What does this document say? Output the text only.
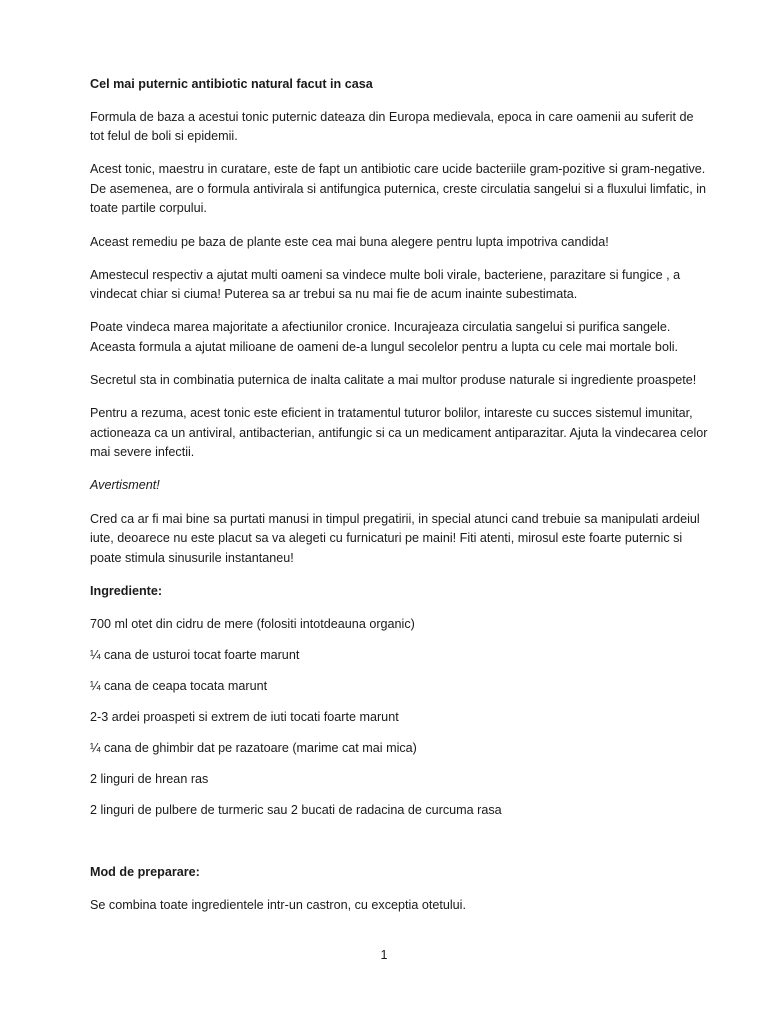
Cel mai puternic antibiotic natural facut in casa

Formula de baza a acestui tonic puternic dateaza din Europa medievala, epoca in care oamenii au suferit de tot felul de boli si epidemii.

Acest tonic, maestru in curatare, este de fapt un antibiotic care ucide bacteriile gram-pozitive si gram-negative. De asemenea, are o formula antivirala si antifungica puternica, creste circulatia sangelui si a fluxului limfatic, in toate partile corpului.

Aceast remediu pe baza de plante este cea mai buna alegere pentru lupta impotriva candida!

Amestecul respectiv a ajutat multi oameni sa vindece multe boli virale, bacteriene, parazitare si fungice , a vindecat chiar si ciuma! Puterea sa ar trebui sa nu mai fie de acum inainte subestimata.

Poate vindeca marea majoritate a afectiunilor cronice. Incurajeaza circulatia sangelui si purifica sangele. Aceasta formula a ajutat milioane de oameni de-a lungul secolelor pentru a lupta cu cele mai mortale boli.

Secretul sta in combinatia puternica de inalta calitate a mai multor produse naturale si ingrediente proaspete!

Pentru a rezuma, acest tonic este eficient in tratamentul tuturor bolilor, intareste cu succes sistemul imunitar, actioneaza ca un antiviral, antibacterian, antifungic si ca un medicament antiparazitar. Ajuta la vindecarea celor mai severe infectii.

Avertisment!

Cred ca ar fi mai bine sa purtati manusi in timpul pregatirii, in special atunci cand trebuie sa manipulati ardeiul iute, deoarece nu este placut sa va alegeti cu furnicaturi pe maini! Fiti atenti, mirosul este foarte puternic si poate stimula sinusurile instantaneu!

Ingrediente:

700 ml otet din cidru de mere (folositi intotdeauna organic)

¼ cana de usturoi tocat foarte marunt

¼ cana de ceapa tocata marunt

2-3 ardei proaspeti si extrem de iuti tocati foarte marunt

¼ cana de ghimbir dat pe razatoare (marime cat mai mica)

2 linguri de hrean ras

2 linguri de pulbere de turmeric sau 2 bucati de radacina de curcuma rasa

Mod de preparare:

Se combina toate ingredientele intr-un castron, cu exceptia otetului.

1
